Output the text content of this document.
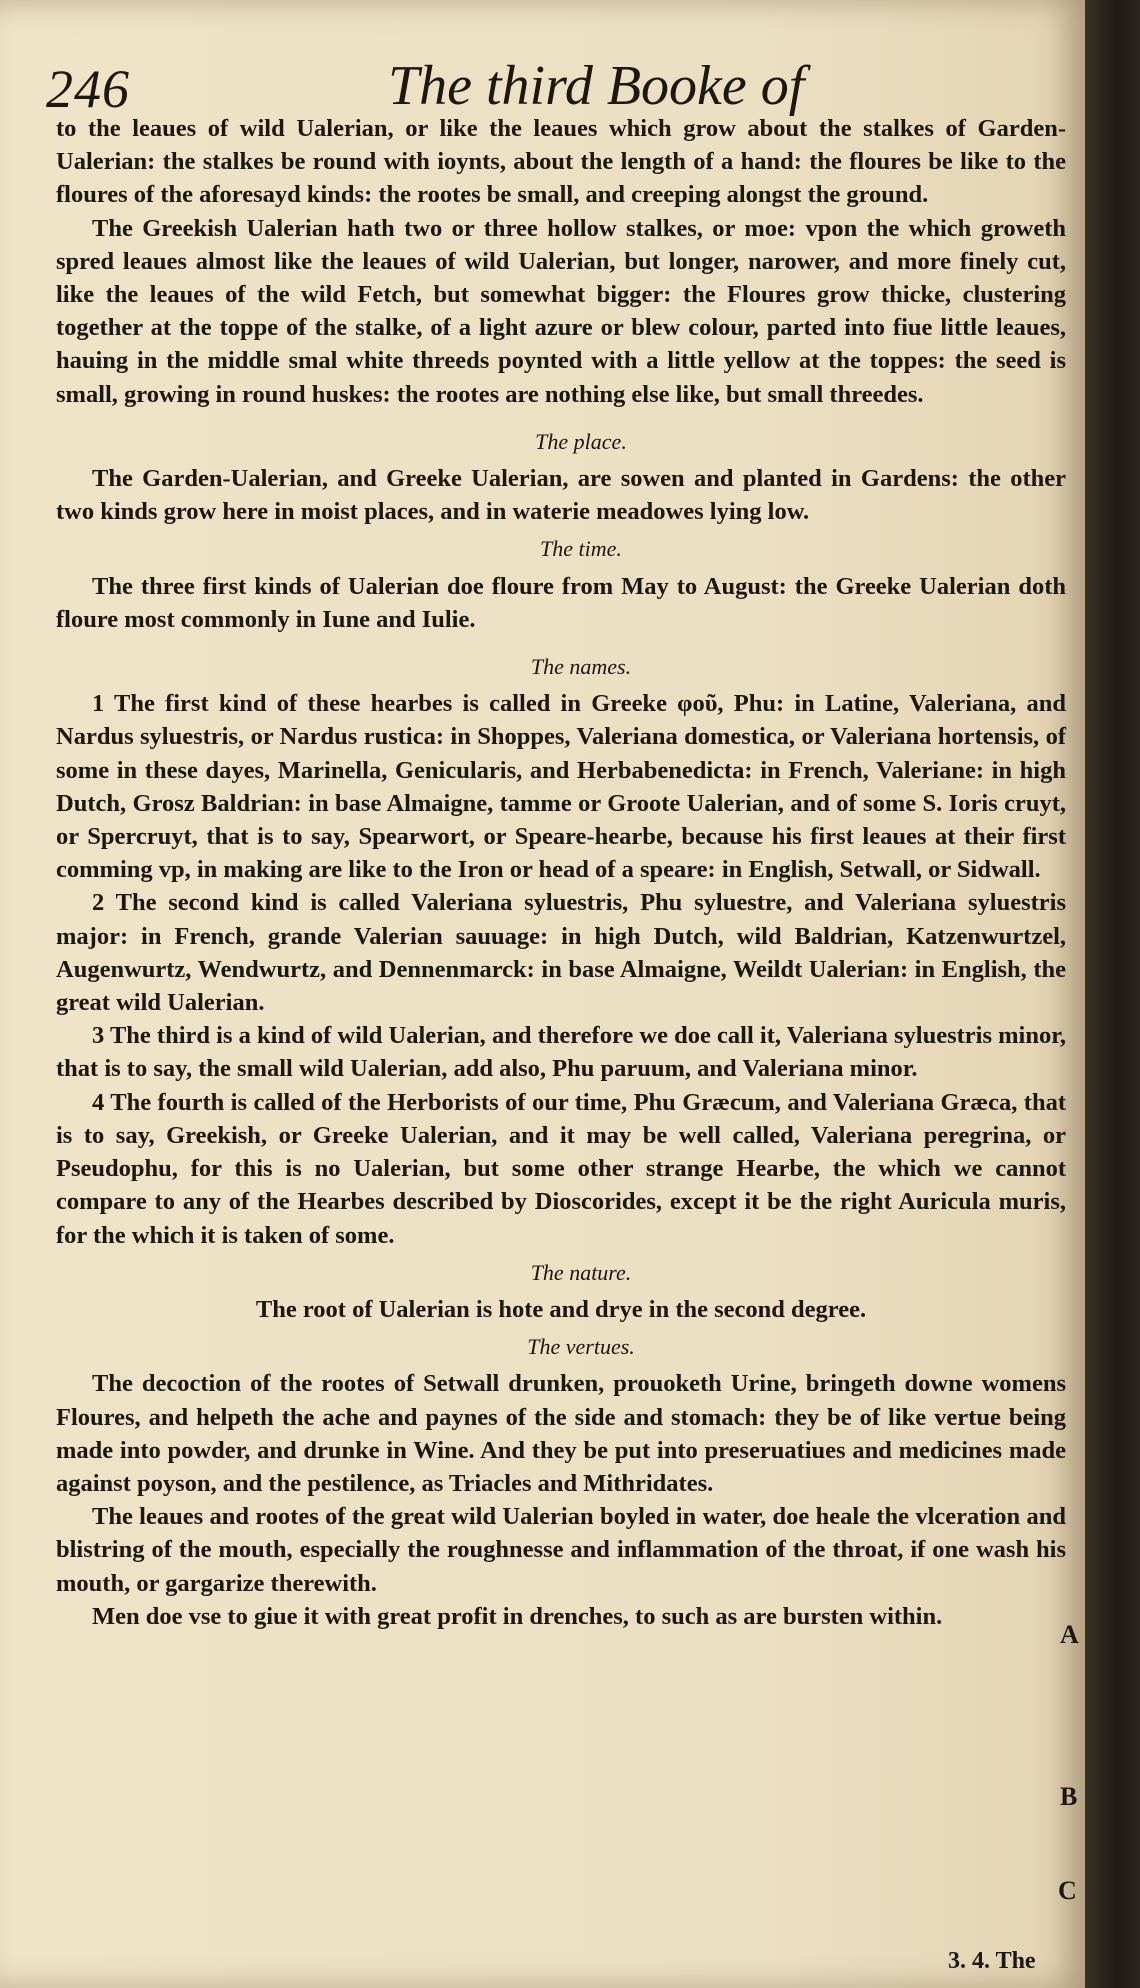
246	The third Booke of

to the leaues of wild Ualerian, or like the leaues which grow about the stalkes of Garden-Ualerian: the stalkes be round with ioynts, about the length of a hand: the floures be like to the floures of the aforesayd kinds: the rootes be small, and creeping alongst the ground.

The Greekish Ualerian hath two or three hollow stalkes, or moe: vpon the which groweth spred leaues almost like the leaues of wild Ualerian, but longer, narower, and more finely cut, like the leaues of the wild Fetch, but somewhat bigger: the Floures grow thicke, clustering together at the toppe of the stalke, of a light azure or blew colour, parted into fiue little leaues, hauing in the middle smal white threeds poynted with a little yellow at the toppes: the seed is small, growing in round huskes: the rootes are nothing else like, but small threedes.

The place.

The Garden-Ualerian, and Greeke Ualerian, are sowen and planted in Gardens: the other two kinds grow here in moist places, and in waterie meadowes lying low.

The time.

The three first kinds of Ualerian doe floure from May to August: the Greeke Ualerian doth floure most commonly in Iune and Iulie.

The names.

1 The first kind of these hearbes is called in Greeke φοῦ, Phu: in Latine, Valeriana, and Nardus syluestris, or Nardus rustica: in Shoppes, Valeriana domestica, or Valeriana hortensis, of some in these dayes, Marinella, Genicularis, and Herbabenedicta: in French, Valeriane: in high Dutch, Grosz Baldrian: in base Almaigne, tamme or Groote Ualerian, and of some S. Ioris cruyt, or Spercruyt, that is to say, Spearwort, or Speare-hearbe, because his first leaues at their first comming vp, in making are like to the Iron or head of a speare: in English, Setwall, or Sidwall.

2 The second kind is called Valeriana syluestris, Phu syluestre, and Valeriana syluestris major: in French, grande Valerian sauuage: in high Dutch, wild Baldrian, Katzenwurtzel, Augenwurtz, Wendwurtz, and Dennenmarck: in base Almaigne, Weildt Ualerian: in English, the great wild Ualerian.

3 The third is a kind of wild Ualerian, and therefore we doe call it, Valeriana syluestris minor, that is to say, the small wild Ualerian, add also, Phu paruum, and Valeriana minor.

4 The fourth is called of the Herborists of our time, Phu Græcum, and Valeriana Græca, that is to say, Greekish, or Greeke Ualerian, and it may be well called, Valeriana peregrina, or Pseudophu, for this is no Ualerian, but some other strange Hearbe, the which we cannot compare to any of the Hearbes described by Dioscorides, except it be the right Auricula muris, for the which it is taken of some.

The nature.

The root of Ualerian is hote and drye in the second degree.

The vertues.

The decoction of the rootes of Setwall drunken, prouoketh Urine, bringeth downe womens Floures, and helpeth the ache and paynes of the side and stomach: they be of like vertue being made into powder, and drunke in Wine. And they be put into preseruatiues and medicines made against poyson, and the pestilence, as Triacles and Mithridates.

The leaues and rootes of the great wild Ualerian boyled in water, doe heale the vlceration and blistring of the mouth, especially the roughnesse and inflammation of the throat, if one wash his mouth, or gargarize therewith.

Men doe vse to giue it with great profit in drenches, to such as are bursten within.

A
B
C
3. 4. The
